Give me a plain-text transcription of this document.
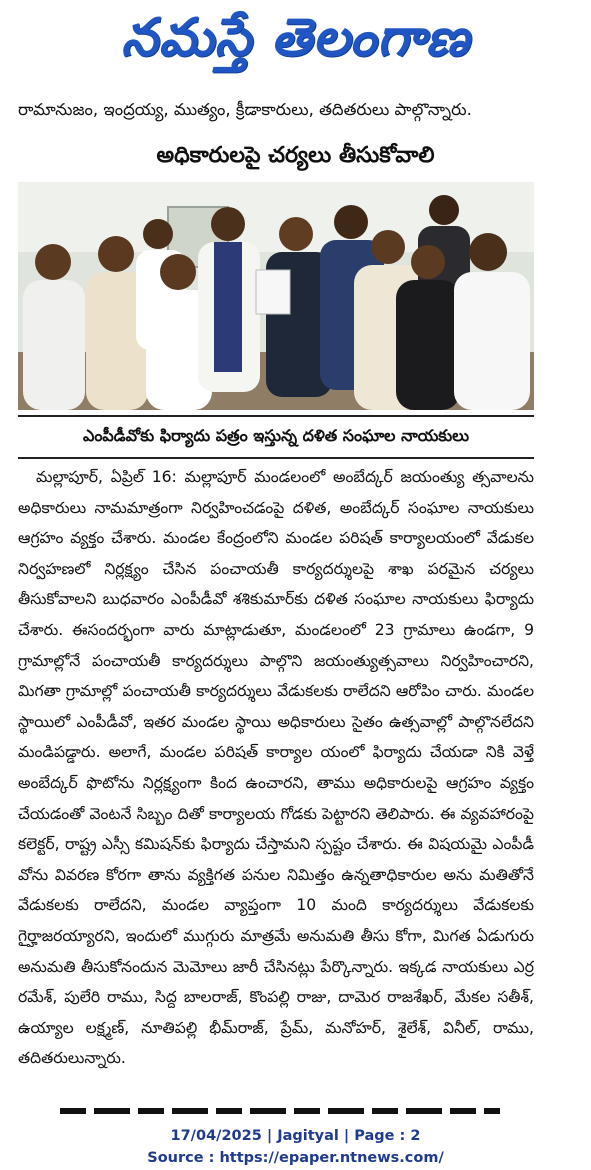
నమస్తే తెలంగాణ
రామానుజం, ఇంద్రయ్య, ముత్యం, క్రీడాకారులు, తదితరులు పాల్గొన్నారు.
అధికారులపై చర్యలు తీసుకోవాలి
ఎంపీడీవోకు ఫిర్యాదు పత్రం ఇస్తున్న దళిత సంఘాల నాయకులు
మల్లాపూర్, ఏప్రిల్ 16: మల్లాపూర్ మండలంలో అంబేద్కర్ జయంత్యు త్సవాలను అధికారులు నామమాత్రంగా నిర్వహించడంపై దళిత, అంబేద్కర్ సంఘాల నాయకులు ఆగ్రహం వ్యక్తం చేశారు. మండల కేంద్రంలోని మండల పరిషత్ కార్యాలయంలో వేడుకల నిర్వహణలో నిర్లక్ష్యం చేసిన పంచాయతీ కార్యదర్శులపై శాఖ పరమైన చర్యలు తీసుకోవాలని బుధవారం ఎంపీడీవో శశికుమార్‌కు దళిత సంఘాల నాయకులు ఫిర్యాదు చేశారు. ఈసందర్భంగా వారు మాట్లాడుతూ, మండలంలో 23 గ్రామాలు ఉండగా, 9 గ్రామాల్లోనే పంచాయతీ కార్యదర్శులు పాల్గొని జయంత్యుత్సవాలు నిర్వహించారని, మిగతా గ్రామాల్లో పంచాయతీ కార్యదర్శులు వేడుకలకు రాలేదని ఆరోపిం చారు. మండల స్థాయిలో ఎంపీడీవో, ఇతర మండల స్థాయి అధికారులు సైతం ఉత్సవాల్లో పాల్గొనలేదని మండిపడ్డారు. అలాగే, మండల పరిషత్ కార్యాల యంలో ఫిర్యాదు చేయడా నికి వెళ్తే అంబేద్కర్ ఫొటోను నిర్లక్ష్యంగా కింద ఉంచారని, తాము అధికారులపై ఆగ్రహం వ్యక్తం చేయడంతో వెంటనే సిబ్బం దితో కార్యాలయ గోడకు పెట్టారని తెలిపారు. ఈ వ్యవహారంపై కలెక్టర్, రాష్ట్ర ఎస్సీ కమిషన్‌కు ఫిర్యాదు చేస్తామని స్పష్టం చేశారు. ఈ విషయమై ఎంపీడీ వోను వివరణ కోరగా తాను వ్యక్తిగత పనుల నిమిత్తం ఉన్నతాధికారుల అను మతితోనే వేడుకలకు రాలేదని, మండల వ్యాప్తంగా 10 మంది కార్యదర్శులు వేడుకలకు గైర్హాజరయ్యారని, ఇందులో ముగ్గురు మాత్రమే అనుమతి తీసు కోగా, మిగత ఏడుగురు అనుమతి తీసుకోనందున మెమోలు జారీ చేసినట్లు పేర్కొన్నారు. ఇక్కడ నాయకులు ఎర్ర రమేశ్, పులేరి రాము, సిద్ద బాలరాజ్, కొంపల్లి రాజు, దామెర రాజశేఖర్, మేకల సతీశ్, ఉయ్యాల లక్ష్మణ్, నూతిపల్లి భీమ్‌రాజ్, ప్రేమ్, మనోహర్, శైలేశ్, వినీల్, రాము, తదితరులున్నారు.
17/04/2025 | Jagityal | Page : 2
Source : https://epaper.ntnews.com/
